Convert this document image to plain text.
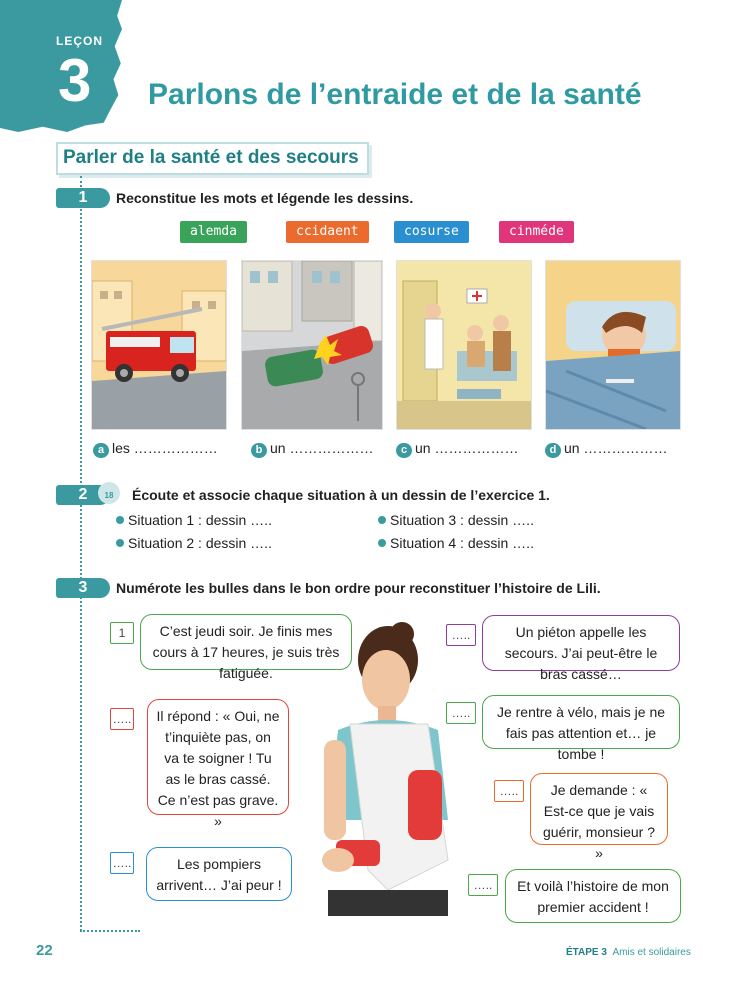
LEÇON
3 Parlons de l’entraide et de la santé
Parler de la santé et des secours
1	Reconstitue les mots et légende les dessins.
alemda	ccidaent	cosurse	cinméde
a les ………………	b un ………………	c un ………………	d un ………………
2	18	Écoute et associe chaque situation à un dessin de l’exercice 1.
Situation 1 : dessin …..
Situation 2 : dessin …..
Situation 3 : dessin …..
Situation 4 : dessin …..
3	Numérote les bulles dans le bon ordre pour reconstituer l’histoire de Lili.
1	C’est jeudi soir. Je finis mes cours à 17 heures, je suis très fatiguée.
…..	Il répond : « Oui, ne t’inquiète pas, on va te soigner ! Tu as le bras cassé. Ce n’est pas grave. »
…..	Les pompiers arrivent… J’ai peur !
…..	Un piéton appelle les secours. J’ai peut-être le bras cassé…
…..	Je rentre à vélo, mais je ne fais pas attention et… je tombe !
…..	Je demande : « Est-ce que je vais guérir, monsieur ? »
…..	Et voilà l’histoire de mon premier accident !
22	ÉTAPE 3 Amis et solidaires
